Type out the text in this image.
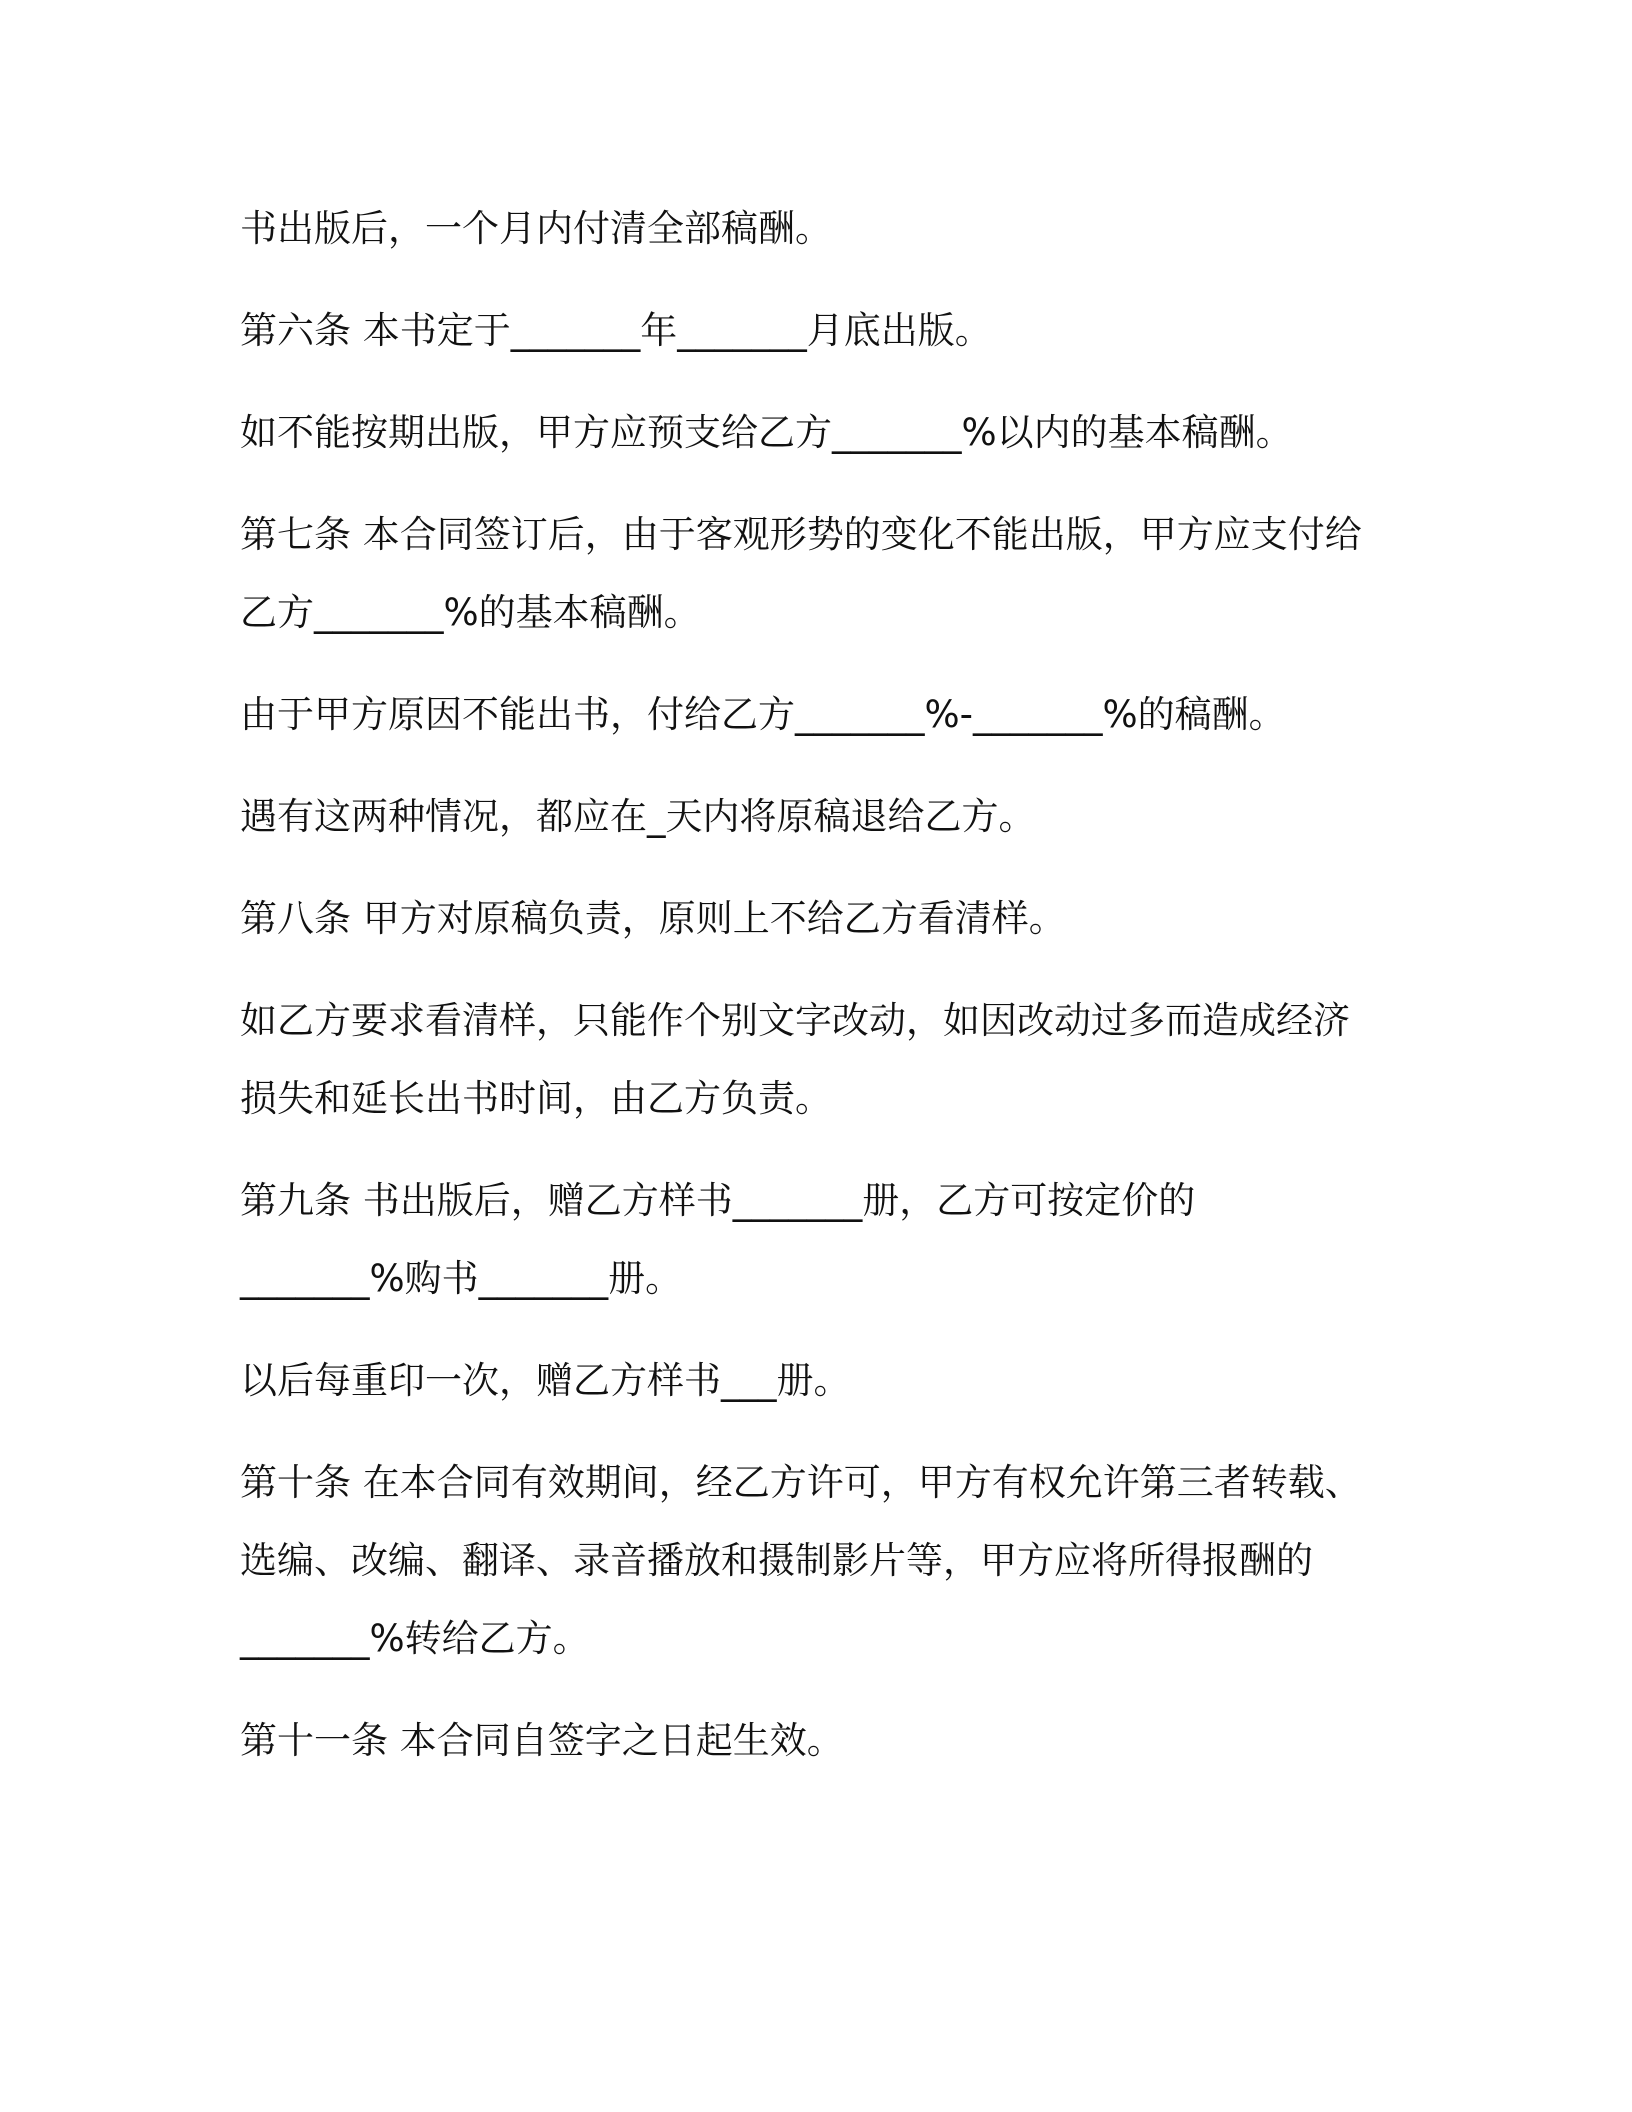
书出版后，一个月内付清全部稿酬。

第六条 本书定于_______年_______月底出版。

如不能按期出版，甲方应预支给乙方_______%以内的基本稿酬。

第七条 本合同签订后，由于客观形势的变化不能出版，甲方应支付给
乙方_______%的基本稿酬。

由于甲方原因不能出书，付给乙方_______%-_______%的稿酬。

遇有这两种情况，都应在_天内将原稿退给乙方。

第八条 甲方对原稿负责，原则上不给乙方看清样。

如乙方要求看清样，只能作个别文字改动，如因改动过多而造成经济
损失和延长出书时间，由乙方负责。

第九条 书出版后，赠乙方样书_______册，乙方可按定价的
_______%购书_______册。

以后每重印一次，赠乙方样书___册。

第十条 在本合同有效期间，经乙方许可，甲方有权允许第三者转载、
选编、改编、翻译、录音播放和摄制影片等，甲方应将所得报酬的
_______%转给乙方。

第十一条 本合同自签字之日起生效。
